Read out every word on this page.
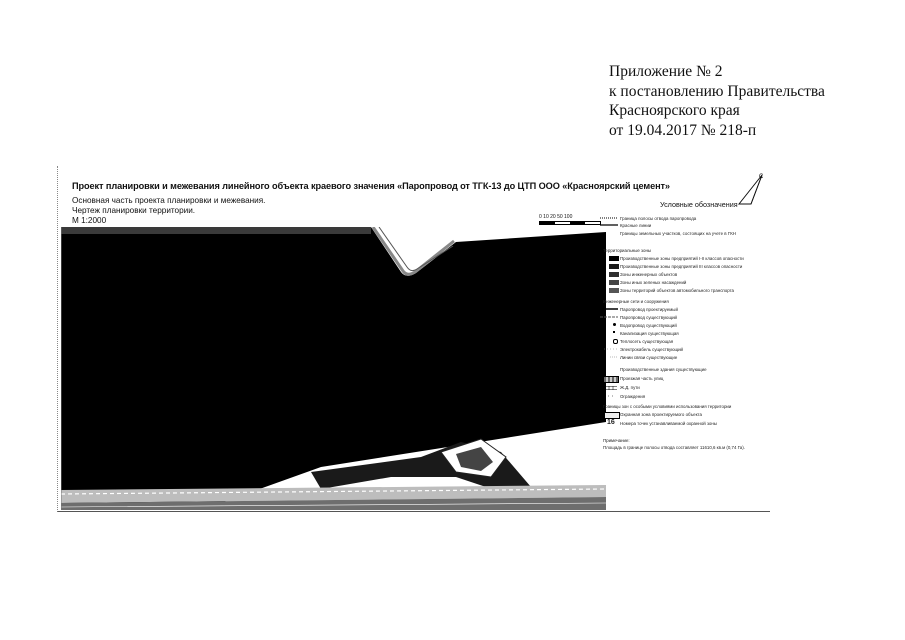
Приложение № 2
к постановлению Правительства
Красноярского края
от 19.04.2017 № 218-п
Проект планировки и межевания линейного объекта краевого значения «Паропровод от ТГК-13 до ЦТП ООО «Красноярский цемент»
Основная часть проекта планировки и межевания.
Чертеж планировки территории.
М 1:2000	0 10 20 50 100
С
Условные обозначения
Граница полосы отвода паропровода
Красные линии
Границы земельных участков, состоящих на учете в ГКН
Территориальные зоны
Производственные зоны предприятий I-II классов опасности
Производственные зоны предприятий III классов опасности
Зоны инженерных объектов
Зоны иных зеленых насаждений
Зоны территорий объектов автомобильного транспорта
Инженерные сети и сооружения
Паропровод проектируемый
Паропровод существующий
Водопровод существующий
Канализация существующая
Теплосеть существующая
Электрокабель существующий
Линии связи существующие
Производственные здания существующие
Проезжая часть улиц
Ж.Д. пути
Ограждения
Границы зон с особыми условиями использования территории
Охранная зона проектируемого объекта
16 Номера точек устанавливаемой охранной зоны
Примечание:
Площадь в границе полосы отвода составляет 11610,6 кв.м (0,74 Га).
